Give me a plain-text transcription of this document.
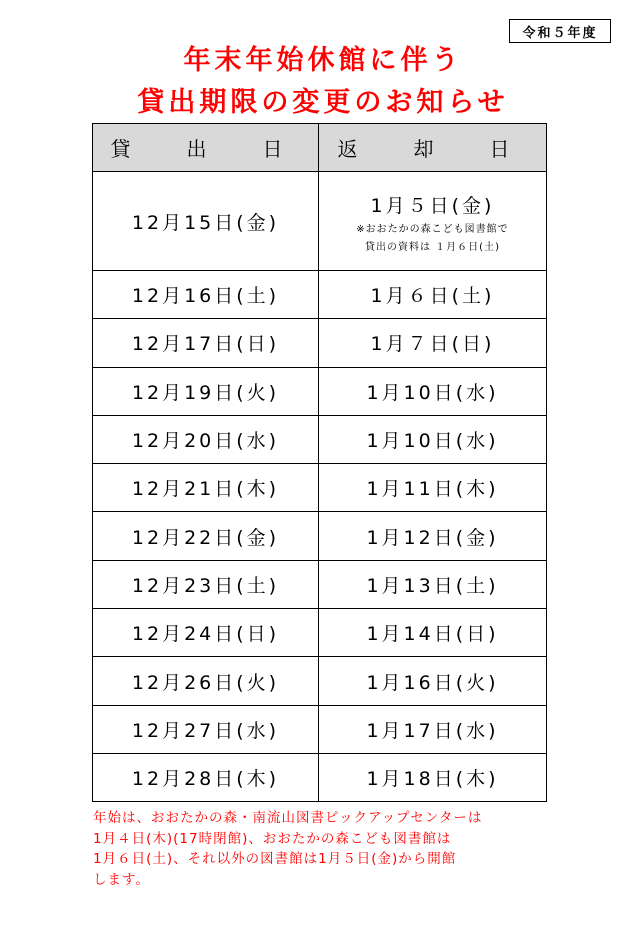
令和５年度
年末年始休館に伴う
貸出期限の変更のお知らせ
貸　出　日	返　却　日
12月15日(金)	1月５日(金)
※おおたかの森こども図書館で
貸出の資料は １月６日(土)

12月16日(土)	1月６日(土)
12月17日(日)	1月７日(日)
12月19日(火)	1月10日(水)
12月20日(水)	1月10日(水)
12月21日(木)	1月11日(木)
12月22日(金)	1月12日(金)
12月23日(土)	1月13日(土)
12月24日(日)	1月14日(日)
12月26日(火)	1月16日(火)
12月27日(水)	1月17日(水)
12月28日(木)	1月18日(木)
年始は、おおたかの森・南流山図書ピックアップセンターは
1月４日(木)(17時閉館)、おおたかの森こども図書館は
1月６日(土)、それ以外の図書館は1月５日(金)から開館
します。
